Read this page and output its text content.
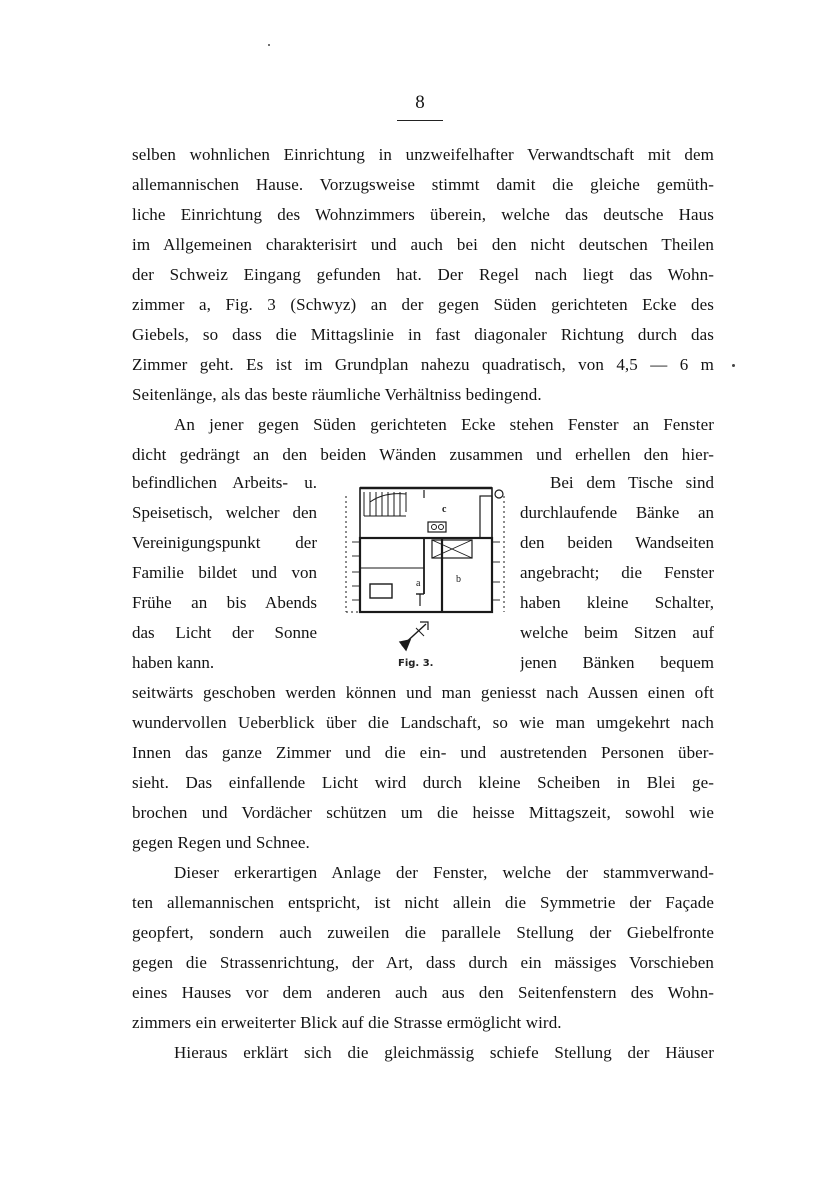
8
selben wohnlichen Einrichtung in unzweifelhafter Verwandtschaft mit dem
allemannischen Hause. Vorzugsweise stimmt damit die gleiche gemüth-
liche Einrichtung des Wohnzimmers überein, welche das deutsche Haus
im Allgemeinen charakterisirt und auch bei den nicht deutschen Theilen
der Schweiz Eingang gefunden hat. Der Regel nach liegt das Wohn-
zimmer a, Fig. 3 (Schwyz) an der gegen Süden gerichteten Ecke des
Giebels, so dass die Mittagslinie in fast diagonaler Richtung durch das
Zimmer geht. Es ist im Grundplan nahezu quadratisch, von 4,5 — 6 m
Seitenlänge, als das beste räumliche Verhältniss bedingend.
An jener gegen Süden gerichteten Ecke stehen Fenster an Fenster
dicht gedrängt an den beiden Wänden zusammen und erhellen den hier-
befindlichen Arbeits- u.
Speisetisch, welcher den
Vereinigungspunkt der
Familie bildet und von
Frühe an bis Abends
das Licht der Sonne
haben kann.
Bei dem Tische sind
durchlaufende Bänke an
den beiden Wandseiten
angebracht; die Fenster
haben kleine Schalter,
welche beim Sitzen auf
jenen Bänken bequem
a	b
c
Fig. 3.
seitwärts geschoben werden können und man geniesst nach Aussen einen oft
wundervollen Ueberblick über die Landschaft, so wie man umgekehrt nach
Innen das ganze Zimmer und die ein- und austretenden Personen über-
sieht. Das einfallende Licht wird durch kleine Scheiben in Blei ge-
brochen und Vordächer schützen um die heisse Mittagszeit, sowohl wie
gegen Regen und Schnee.
Dieser erkerartigen Anlage der Fenster, welche der stammverwand-
ten allemannischen entspricht, ist nicht allein die Symmetrie der Façade
geopfert, sondern auch zuweilen die parallele Stellung der Giebelfronte
gegen die Strassenrichtung, der Art, dass durch ein mässiges Vorschieben
eines Hauses vor dem anderen auch aus den Seitenfenstern des Wohn-
zimmers ein erweiterter Blick auf die Strasse ermöglicht wird.
Hieraus erklärt sich die gleichmässig schiefe Stellung der Häuser
